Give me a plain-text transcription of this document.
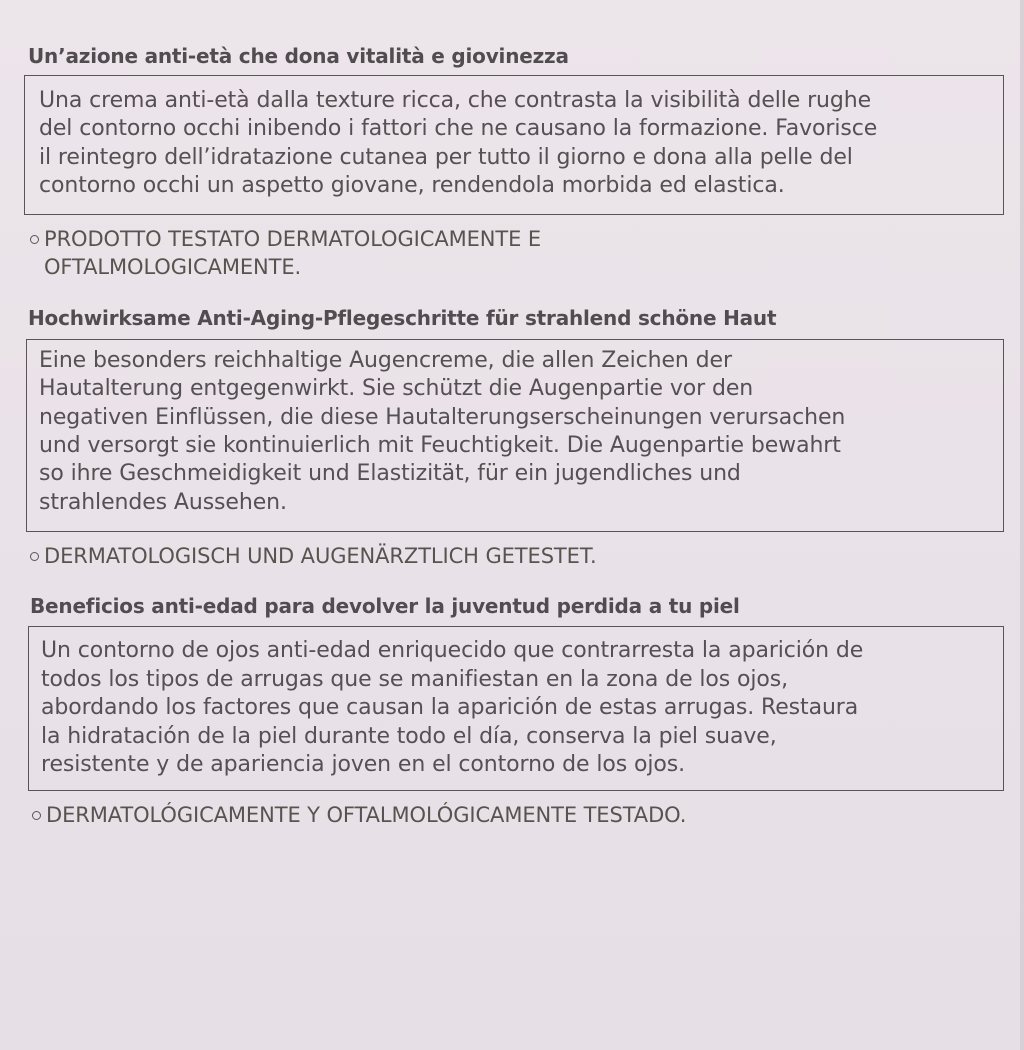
Un’azione anti-età che dona vitalità e giovinezza

Una crema anti-età dalla texture ricca, che contrasta la visibilità delle rughe

del contorno occhi inibendo i fattori che ne causano la formazione. Favorisce

il reintegro dell’idratazione cutanea per tutto il giorno e dona alla pelle del

contorno occhi un aspetto giovane, rendendola morbida ed elastica.

PRODOTTO TESTATO DERMATOLOGICAMENTE E
OFTALMOLOGICAMENTE.
Hochwirksame Anti-Aging-Pflegeschritte für strahlend schöne Haut

Eine besonders reichhaltige Augencreme, die allen Zeichen der

Hautalterung entgegenwirkt. Sie schützt die Augenpartie vor den

negativen Einflüssen, die diese Hautalterungserscheinungen verursachen

und versorgt sie kontinuierlich mit Feuchtigkeit. Die Augenpartie bewahrt

so ihre Geschmeidigkeit und Elastizität, für ein jugendliches und

strahlendes Aussehen.

DERMATOLOGISCH UND AUGENÄRZTLICH GETESTET.
Beneficios anti-edad para devolver la juventud perdida a tu piel

Un contorno de ojos anti-edad enriquecido que contrarresta la aparición de

todos los tipos de arrugas que se manifiestan en la zona de los ojos,

abordando los factores que causan la aparición de estas arrugas. Restaura

la hidratación de la piel durante todo el día, conserva la piel suave,

resistente y de apariencia joven en el contorno de los ojos.

DERMATOLÓGICAMENTE Y OFTALMOLÓGICAMENTE TESTADO.
